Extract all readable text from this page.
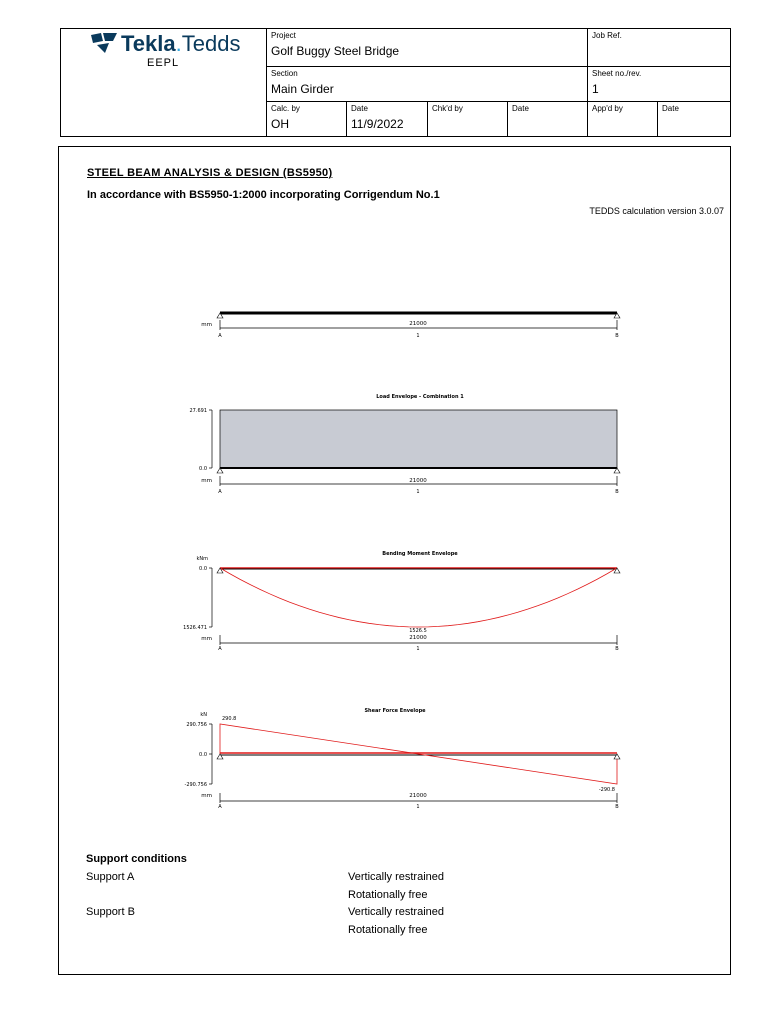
Tekla.Tedds
EEPL
Project
Golf Buggy Steel Bridge
Job Ref.
Section
Main Girder
Sheet no./rev.
1
Calc. by
OH
Date
11/9/2022
Chk'd by	Date	App'd by	Date
STEEL BEAM ANALYSIS & DESIGN (BS5950)
In accordance with BS5950-1:2000 incorporating Corrigendum No.1
TEDDS calculation version 3.0.07
Support conditions
Support A	Vertically restrained
Rotationally free
Support B	Vertically restrained
Rotationally free
mm	21000
1
A	B
Load Envelope - Combination 1
27.691
0.0
mm	21000
1
A	B
Bending Moment Envelope
kNm
0.0
1526.471	1526.5
mm	21000
1
A	B
Shear Force Envelope
kN
290.756
0.0
-290.756
290.8
-290.8
mm	21000
1
A	B
